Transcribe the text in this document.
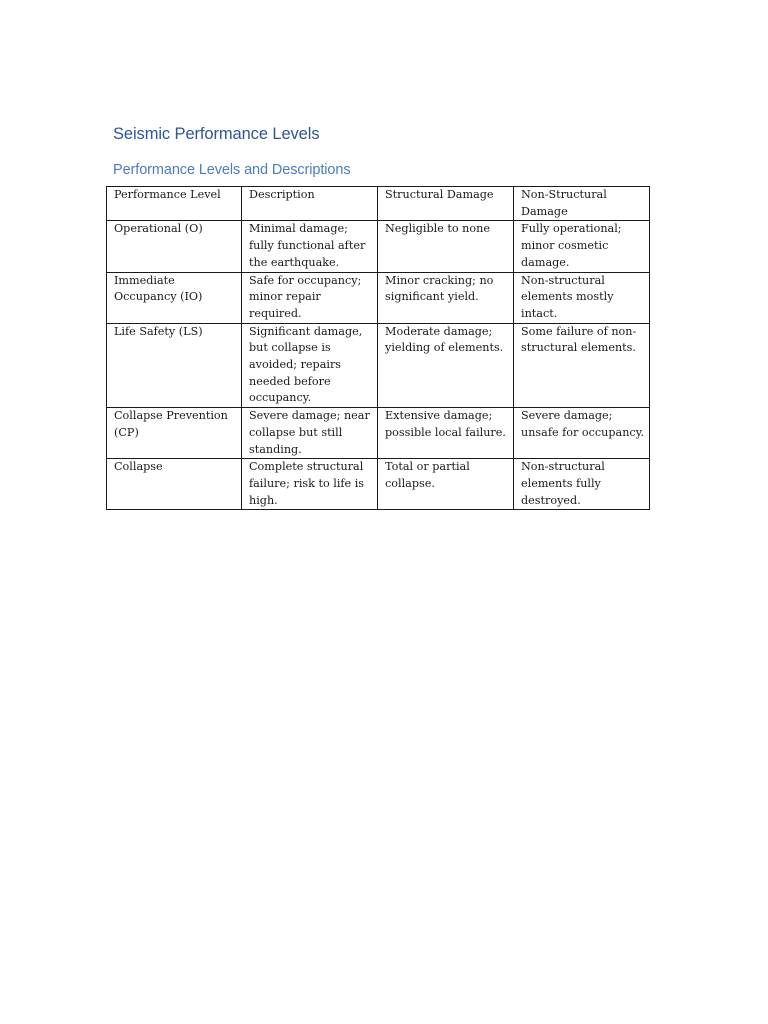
Seismic Performance Levels
Performance Levels and Descriptions
Performance Level	Description	Structural Damage	Non-Structural Damage
Operational (O)	Minimal damage; fully functional after the earthquake.	Negligible to none	Fully operational; minor cosmetic damage.
Immediate Occupancy (IO)	Safe for occupancy; minor repair required.	Minor cracking; no significant yield.	Non-structural elements mostly intact.
Life Safety (LS)	Significant damage, but collapse is avoided; repairs needed before occupancy.	Moderate damage; yielding of elements.	Some failure of non-structural elements.
Collapse Prevention (CP)	Severe damage; near collapse but still standing.	Extensive damage; possible local failure.	Severe damage; unsafe for occupancy.
Collapse	Complete structural failure; risk to life is high.	Total or partial collapse.	Non-structural elements fully destroyed.
